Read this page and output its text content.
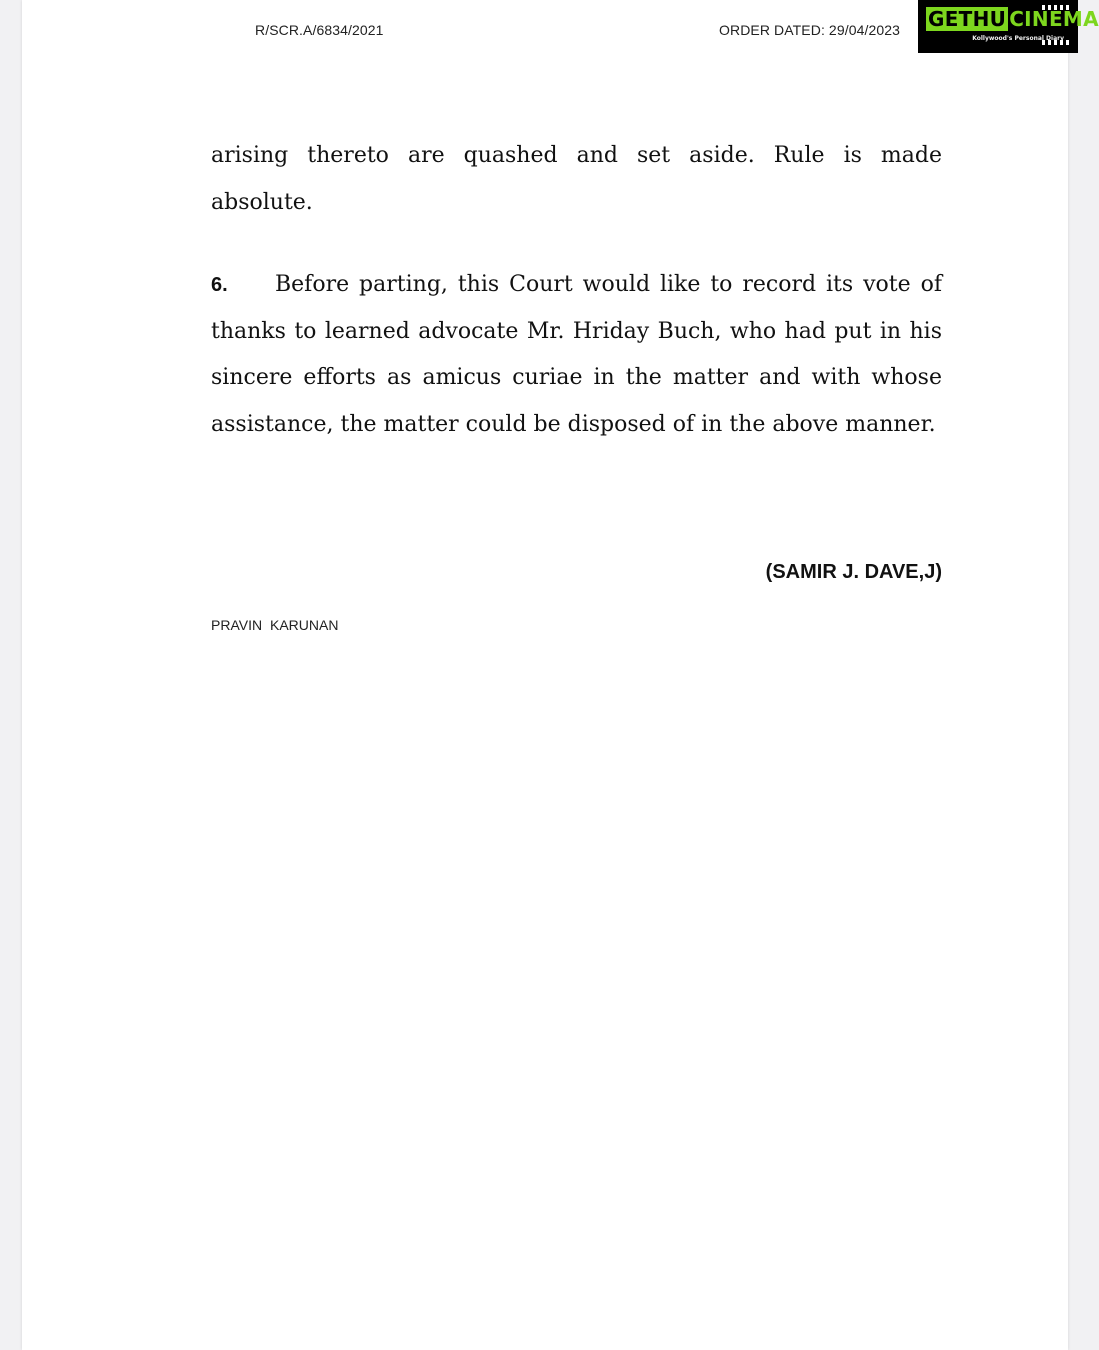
R/SCR.A/6834/2021	ORDER DATED: 29/04/2023 GETHU CINEMA
Kollywood's Personal Diary

arising thereto are quashed and set aside. Rule is made absolute.

6. Before parting, this Court would like to record its vote of thanks to learned advocate Mr. Hriday Buch, who had put in his sincere efforts as amicus curiae in the matter and with whose assistance, the matter could be disposed of in the above manner.

(SAMIR J. DAVE,J)
PRAVIN KARUNAN
